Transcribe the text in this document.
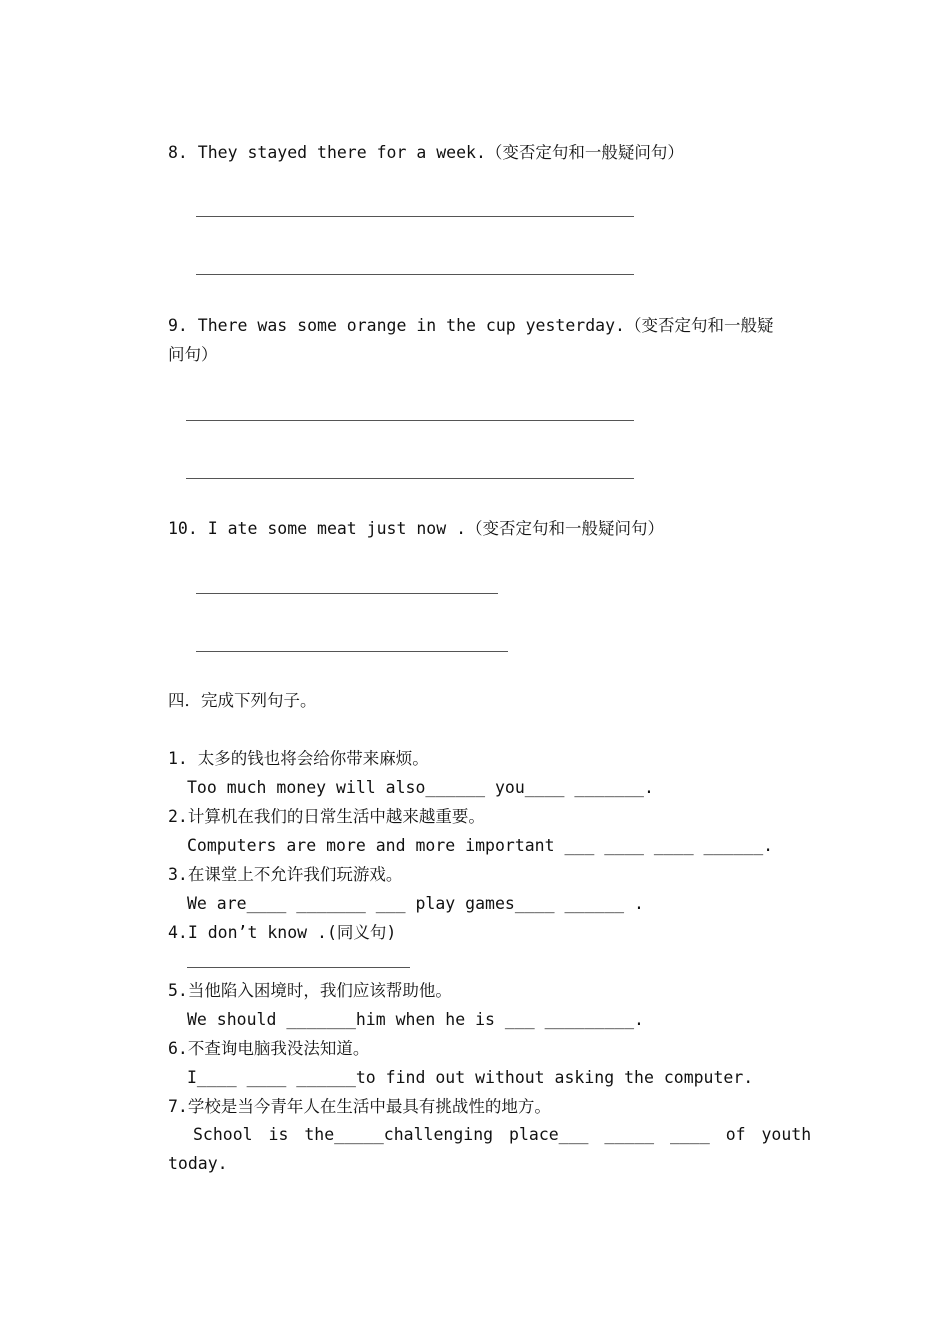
8. They stayed there for a week.（变否定句和一般疑问句）
9. There was some orange in the cup yesterday.（变否定句和一般疑
问句）
10. I ate some meat just now .（变否定句和一般疑问句）
四．完成下列句子。
1. 太多的钱也将会给你带来麻烦。
Too much money will also______ you____ _______.
2.计算机在我们的日常生活中越来越重要。
Computers are more and more important ___ ____ ____ ______.
3.在课堂上不允许我们玩游戏。
We are____ _______ ___ play games____ ______ .
4.I don’t know .(同义句)
5.当他陷入困境时，我们应该帮助他。
We should _______him when he is ___ _________.
6.不查询电脑我没法知道。
I____ ____ ______to find out without asking the computer.
7.学校是当今青年人在生活中最具有挑战性的地方。
School is the_____challenging place___ _____ ____ of youth
today.
